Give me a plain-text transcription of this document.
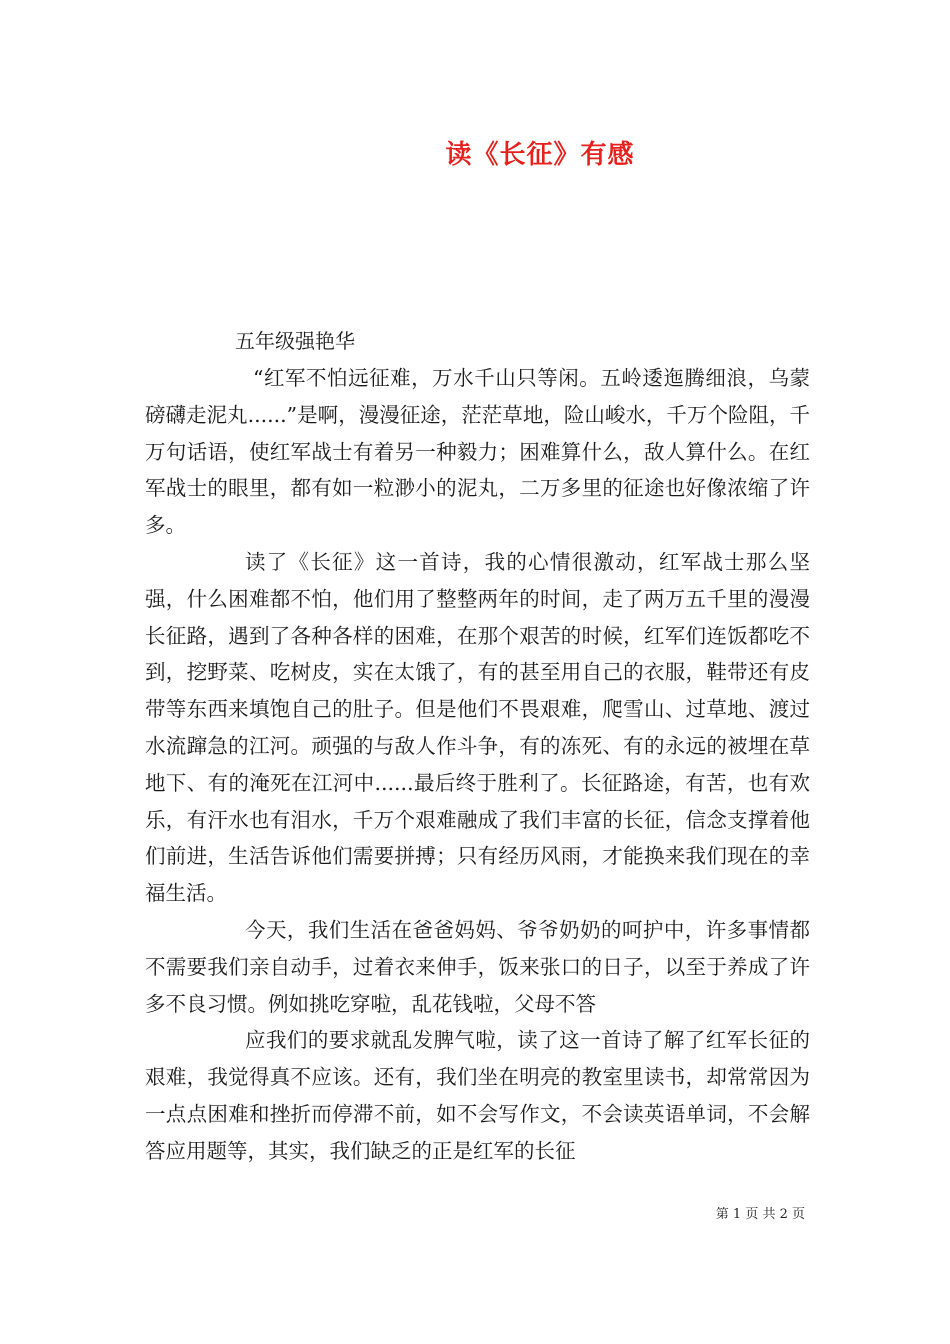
读《长征》有感
五年级强艳华

“红军不怕远征难，万水千山只等闲。五岭逶迤腾细浪，乌蒙磅礴走泥丸......”是啊，漫漫征途，茫茫草地，险山峻水，千万个险阻，千万句话语，使红军战士有着另一种毅力；困难算什么，敌人算什么。在红军战士的眼里，都有如一粒渺小的泥丸，二万多里的征途也好像浓缩了许多。

读了《长征》这一首诗，我的心情很激动，红军战士那么坚强，什么困难都不怕，他们用了整整两年的时间，走了两万五千里的漫漫长征路，遇到了各种各样的困难，在那个艰苦的时候，红军们连饭都吃不到，挖野菜、吃树皮，实在太饿了，有的甚至用自己的衣服，鞋带还有皮带等东西来填饱自己的肚子。但是他们不畏艰难，爬雪山、过草地、渡过水流蹿急的江河。顽强的与敌人作斗争，有的冻死、有的永远的被埋在草地下、有的淹死在江河中......最后终于胜利了。长征路途，有苦，也有欢乐，有汗水也有泪水，千万个艰难融成了我们丰富的长征，信念支撑着他们前进，生活告诉他们需要拼搏；只有经历风雨，才能换来我们现在的幸福生活。

今天，我们生活在爸爸妈妈、爷爷奶奶的呵护中，许多事情都不需要我们亲自动手，过着衣来伸手，饭来张口的日子，以至于养成了许多不良习惯。例如挑吃穿啦，乱花钱啦，父母不答

应我们的要求就乱发脾气啦，读了这一首诗了解了红军长征的艰难，我觉得真不应该。还有，我们坐在明亮的教室里读书，却常常因为一点点困难和挫折而停滞不前，如不会写作文，不会读英语单词，不会解答应用题等，其实，我们缺乏的正是红军的长征

第 1 页 共 2 页
